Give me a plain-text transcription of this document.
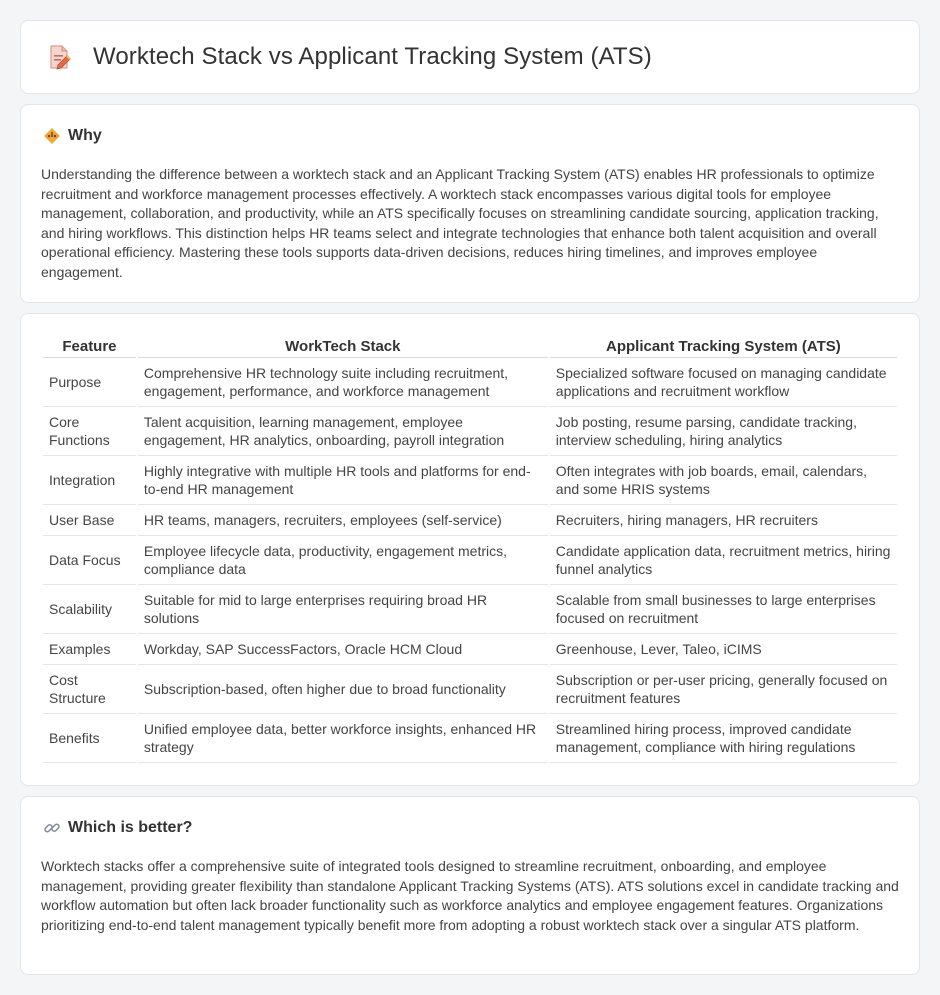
Worktech Stack vs Applicant Tracking System (ATS)
Why

Understanding the difference between a worktech stack and an Applicant Tracking System (ATS) enables HR professionals to optimize recruitment and workforce management processes effectively. A worktech stack encompasses various digital tools for employee management, collaboration, and productivity, while an ATS specifically focuses on streamlining candidate sourcing, application tracking, and hiring workflows. This distinction helps HR teams select and integrate technologies that enhance both talent acquisition and overall operational efficiency. Mastering these tools supports data-driven decisions, reduces hiring timelines, and improves employee engagement.

Feature	WorkTech Stack	Applicant Tracking System (ATS)
Purpose	Comprehensive HR technology suite including recruitment, engagement, performance, and workforce management	Specialized software focused on managing candidate applications and recruitment workflow
Core Functions	Talent acquisition, learning management, employee engagement, HR analytics, onboarding, payroll integration	Job posting, resume parsing, candidate tracking, interview scheduling, hiring analytics
Integration	Highly integrative with multiple HR tools and platforms for end-to-end HR management	Often integrates with job boards, email, calendars, and some HRIS systems
User Base	HR teams, managers, recruiters, employees (self-service)	Recruiters, hiring managers, HR recruiters
Data Focus	Employee lifecycle data, productivity, engagement metrics, compliance data	Candidate application data, recruitment metrics, hiring funnel analytics
Scalability	Suitable for mid to large enterprises requiring broad HR solutions	Scalable from small businesses to large enterprises focused on recruitment
Examples	Workday, SAP SuccessFactors, Oracle HCM Cloud	Greenhouse, Lever, Taleo, iCIMS
Cost Structure	Subscription-based, often higher due to broad functionality	Subscription or per-user pricing, generally focused on recruitment features
Benefits	Unified employee data, better workforce insights, enhanced HR strategy	Streamlined hiring process, improved candidate management, compliance with hiring regulations
Which is better?

Worktech stacks offer a comprehensive suite of integrated tools designed to streamline recruitment, onboarding, and employee management, providing greater flexibility than standalone Applicant Tracking Systems (ATS). ATS solutions excel in candidate tracking and workflow automation but often lack broader functionality such as workforce analytics and employee engagement features. Organizations prioritizing end-to-end talent management typically benefit more from adopting a robust worktech stack over a singular ATS platform.
